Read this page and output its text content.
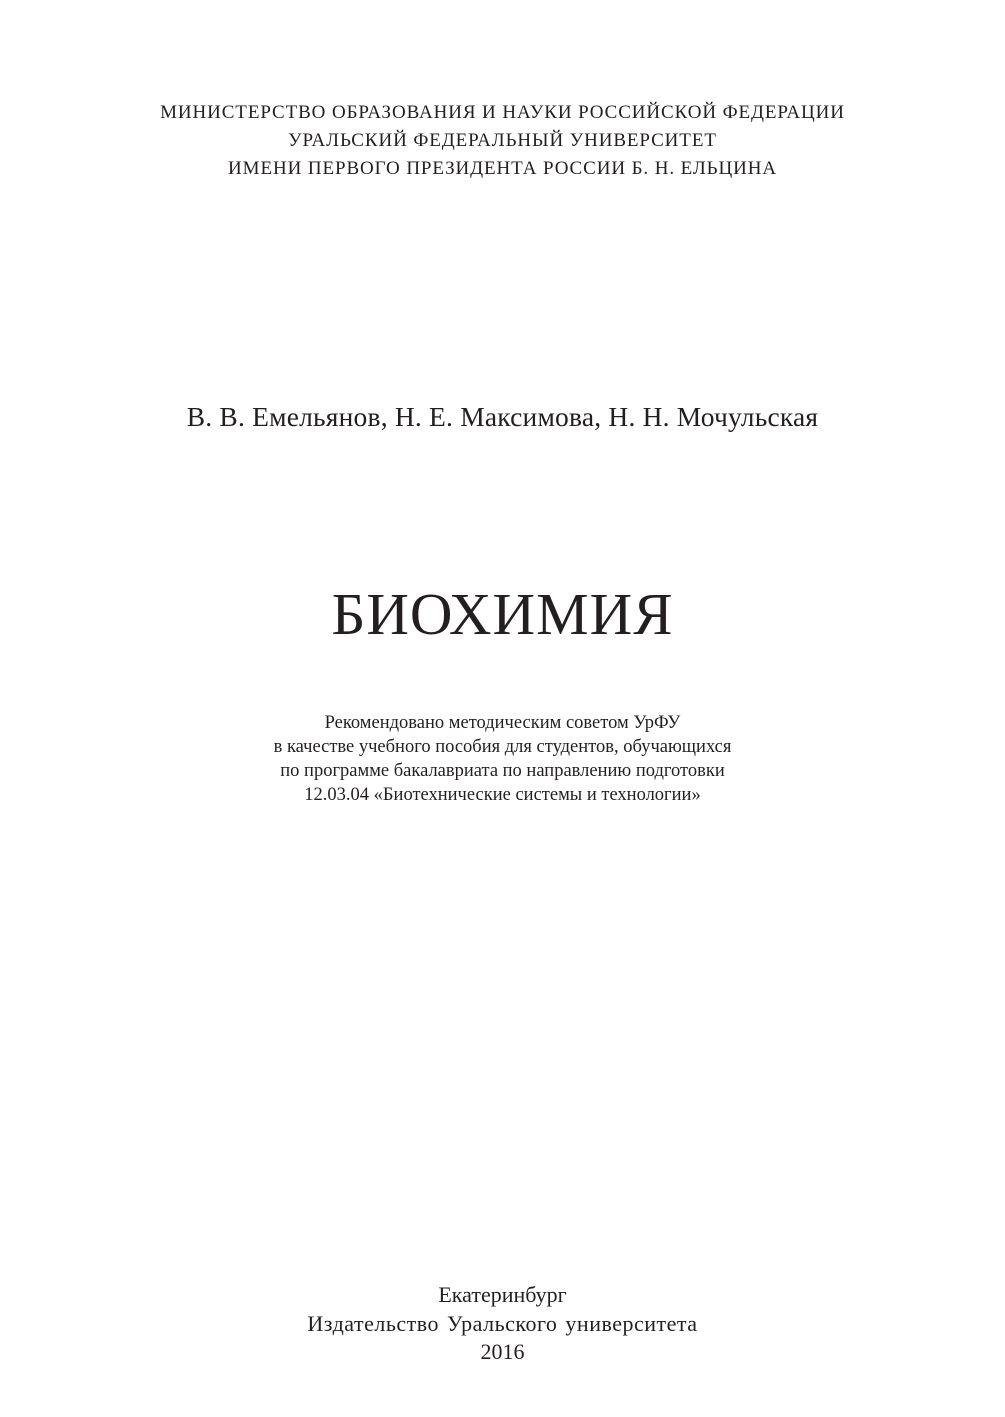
МИНИСТЕРСТВО ОБРАЗОВАНИЯ И НАУКИ РОССИЙСКОЙ ФЕДЕРАЦИИ
УРАЛЬСКИЙ ФЕДЕРАЛЬНЫЙ УНИВЕРСИТЕТ
ИМЕНИ ПЕРВОГО ПРЕЗИДЕНТА РОССИИ Б. Н. ЕЛЬЦИНА
В. В. Емельянов, Н. Е. Максимова, Н. Н. Мочульская
БИОХИМИЯ
Рекомендовано методическим советом УрФУ
в качестве учебного пособия для студентов, обучающихся
по программе бакалавриата по направлению подготовки
12.03.04 «Биотехнические системы и технологии»
Екатеринбург
Издательство Уральского университета
2016
